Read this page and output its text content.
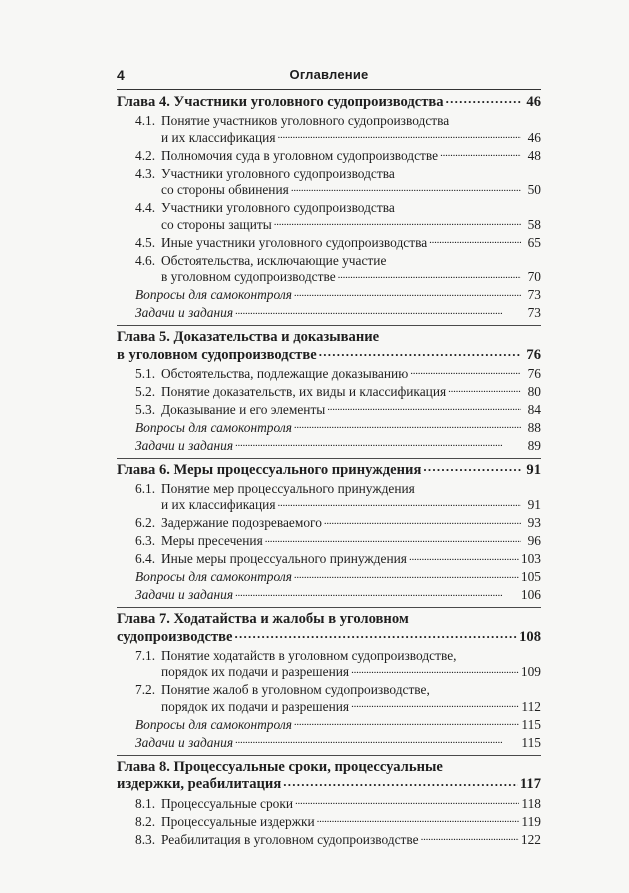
4	Оглавление
Глава 4. Участники уголовного судопроизводства . . .	46
4.1. Понятие участников уголовного судопроизводства
и их классификация . . .	46
4.2. Полномочия суда в уголовном судопроизводстве . . .	48
4.3. Участники уголовного судопроизводства
со стороны обвинения . . .	50
4.4. Участники уголовного судопроизводства
со стороны защиты . . .	58
4.5. Иные участники уголовного судопроизводства . . .	65
4.6. Обстоятельства, исключающие участие
в уголовном судопроизводстве . . .	70
Вопросы для самоконтроля . . .	73
Задачи и задания . . .	73
Глава 5. Доказательства и доказывание
в уголовном судопроизводстве . . .	76
5.1. Обстоятельства, подлежащие доказыванию . . .	76
5.2. Понятие доказательств, их виды и классификация . . .	80
5.3. Доказывание и его элементы . . .	84
Вопросы для самоконтроля . . .	88
Задачи и задания . . .	89
Глава 6. Меры процессуального принуждения . . .	91
6.1. Понятие мер процессуального принуждения
и их классификация . . .	91
6.2. Задержание подозреваемого . . .	93
6.3. Меры пресечения . . .	96
6.4. Иные меры процессуального принуждения . . .	103
Вопросы для самоконтроля . . .	105
Задачи и задания . . .	106
Глава 7. Ходатайства и жалобы в уголовном
судопроизводстве . . .	108
7.1. Понятие ходатайств в уголовном судопроизводстве,
порядок их подачи и разрешения . . .	109
7.2. Понятие жалоб в уголовном судопроизводстве,
порядок их подачи и разрешения . . .	112
Вопросы для самоконтроля . . .	115
Задачи и задания . . .	115
Глава 8. Процессуальные сроки, процессуальные
издержки, реабилитация . . .	117
8.1. Процессуальные сроки . . .	118
8.2. Процессуальные издержки . . .	119
8.3. Реабилитация в уголовном судопроизводстве . . .	122
